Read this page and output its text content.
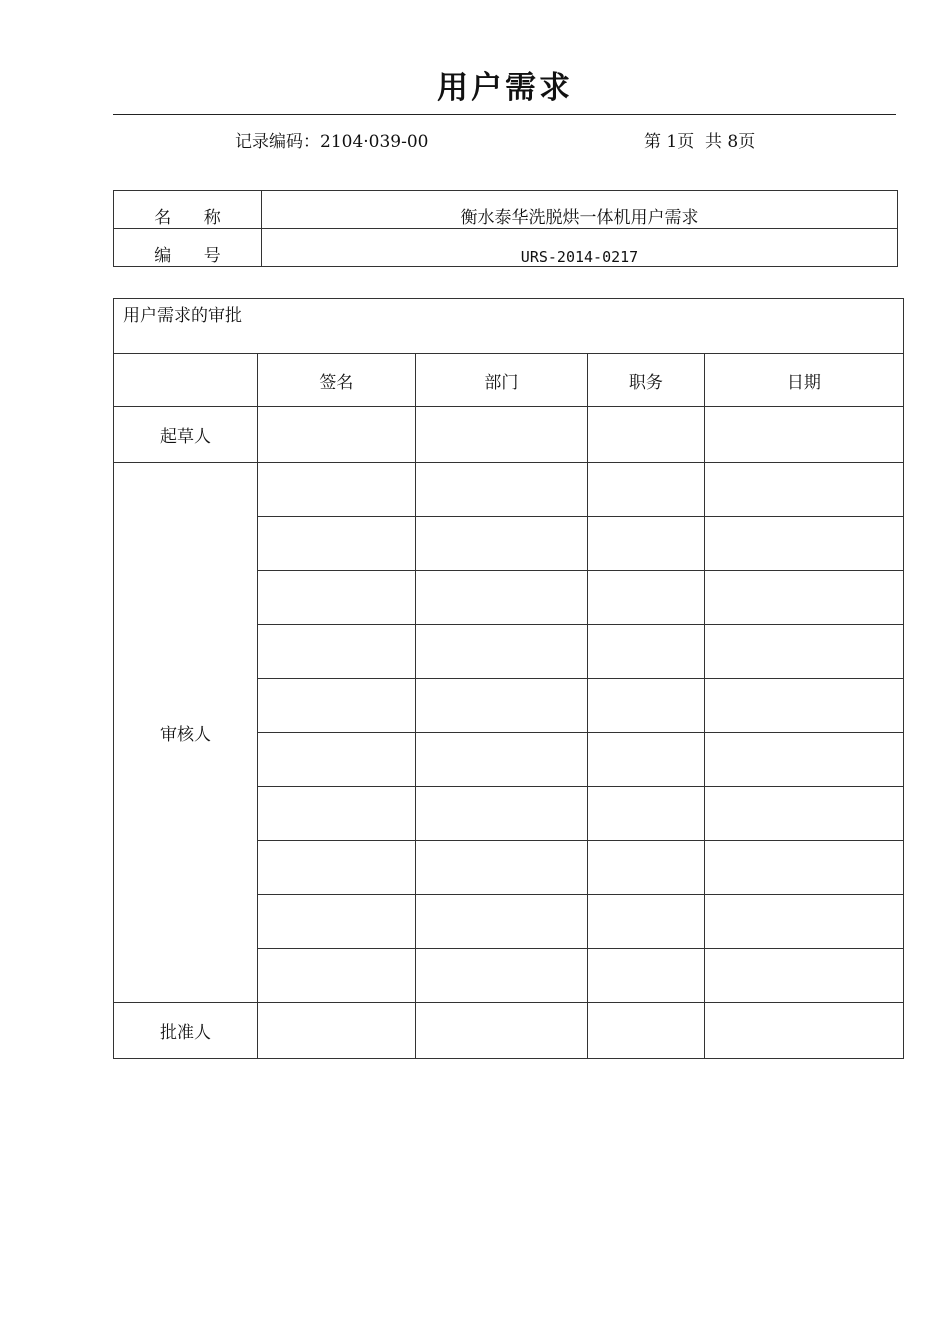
用户需求
记录编码：2104·039-00	第 1页  共 8页
名      称	衡水泰华洗脱烘一体机用户需求
编      号	URS-2014-0217
用户需求的审批				
	签名	部门	职务	日期
起草人				
审核人				

批准人				
